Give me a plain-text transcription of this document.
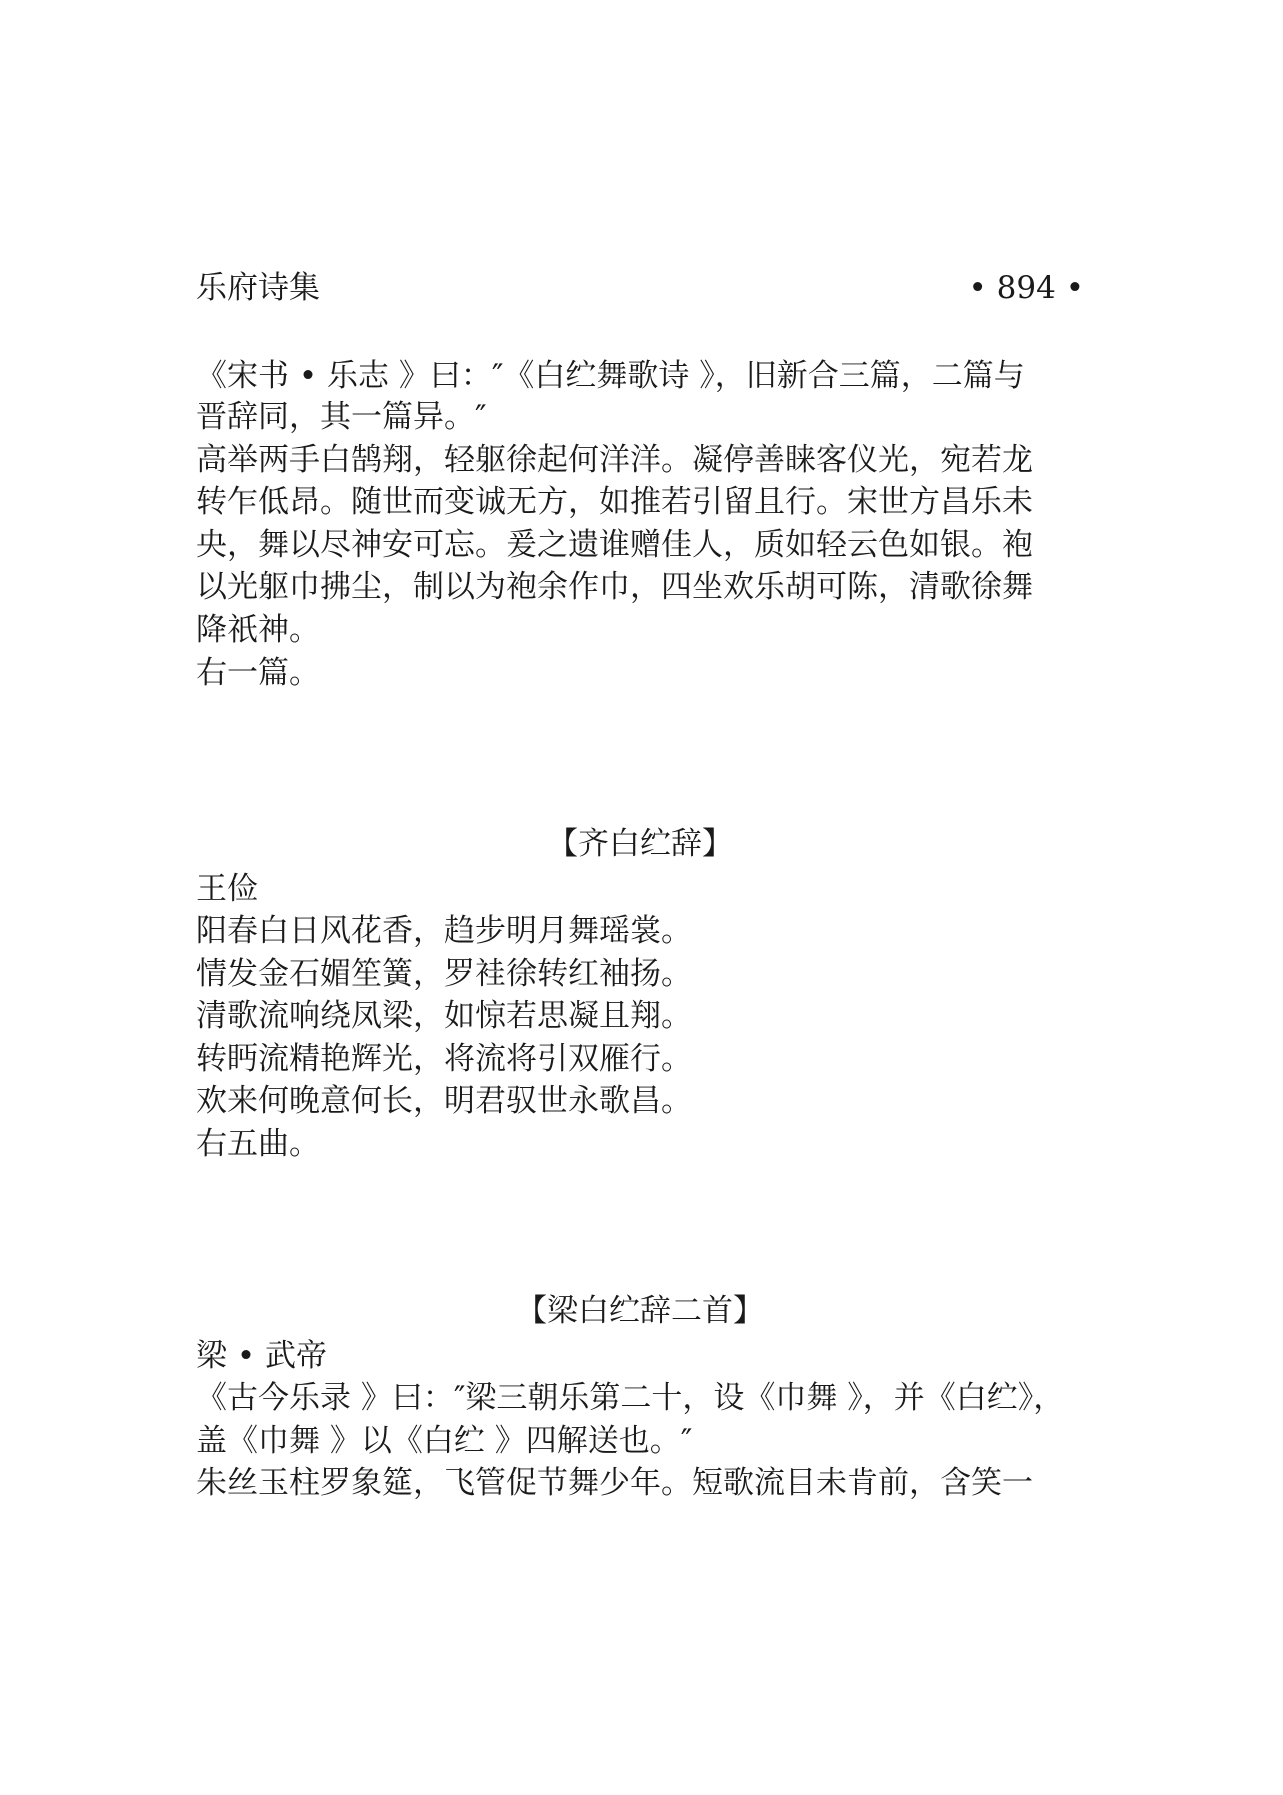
乐府诗集	• 894 •
《宋书 • 乐志 》曰：″《白纻舞歌诗 》，旧新合三篇，二篇与
晋辞同，其一篇异。″
高举两手白鹄翔，轻躯徐起何洋洋。凝停善睐客仪光，宛若龙
转乍低昂。随世而变诚无方，如推若引留且行。宋世方昌乐未
央，舞以尽神安可忘。爰之遗谁赠佳人，质如轻云色如银。袍
以光躯巾拂尘，制以为袍余作巾，四坐欢乐胡可陈，清歌徐舞
降祇神。
右一篇。
【齐白纻辞】
王俭
阳春白日风花香，趋步明月舞瑶裳。
情发金石媚笙簧，罗袿徐转红袖扬。
清歌流响绕凤梁，如惊若思凝且翔。
转眄流精艳辉光，将流将引双雁行。
欢来何晚意何长，明君驭世永歌昌。
右五曲。
【梁白纻辞二首】
梁 • 武帝
《古今乐录 》曰：″梁三朝乐第二十，设《巾舞 》，并《白纻》，
盖《巾舞 》以《白纻 》四解送也。″
朱丝玉柱罗象筵，飞管促节舞少年。短歌流目未肯前，含笑一
